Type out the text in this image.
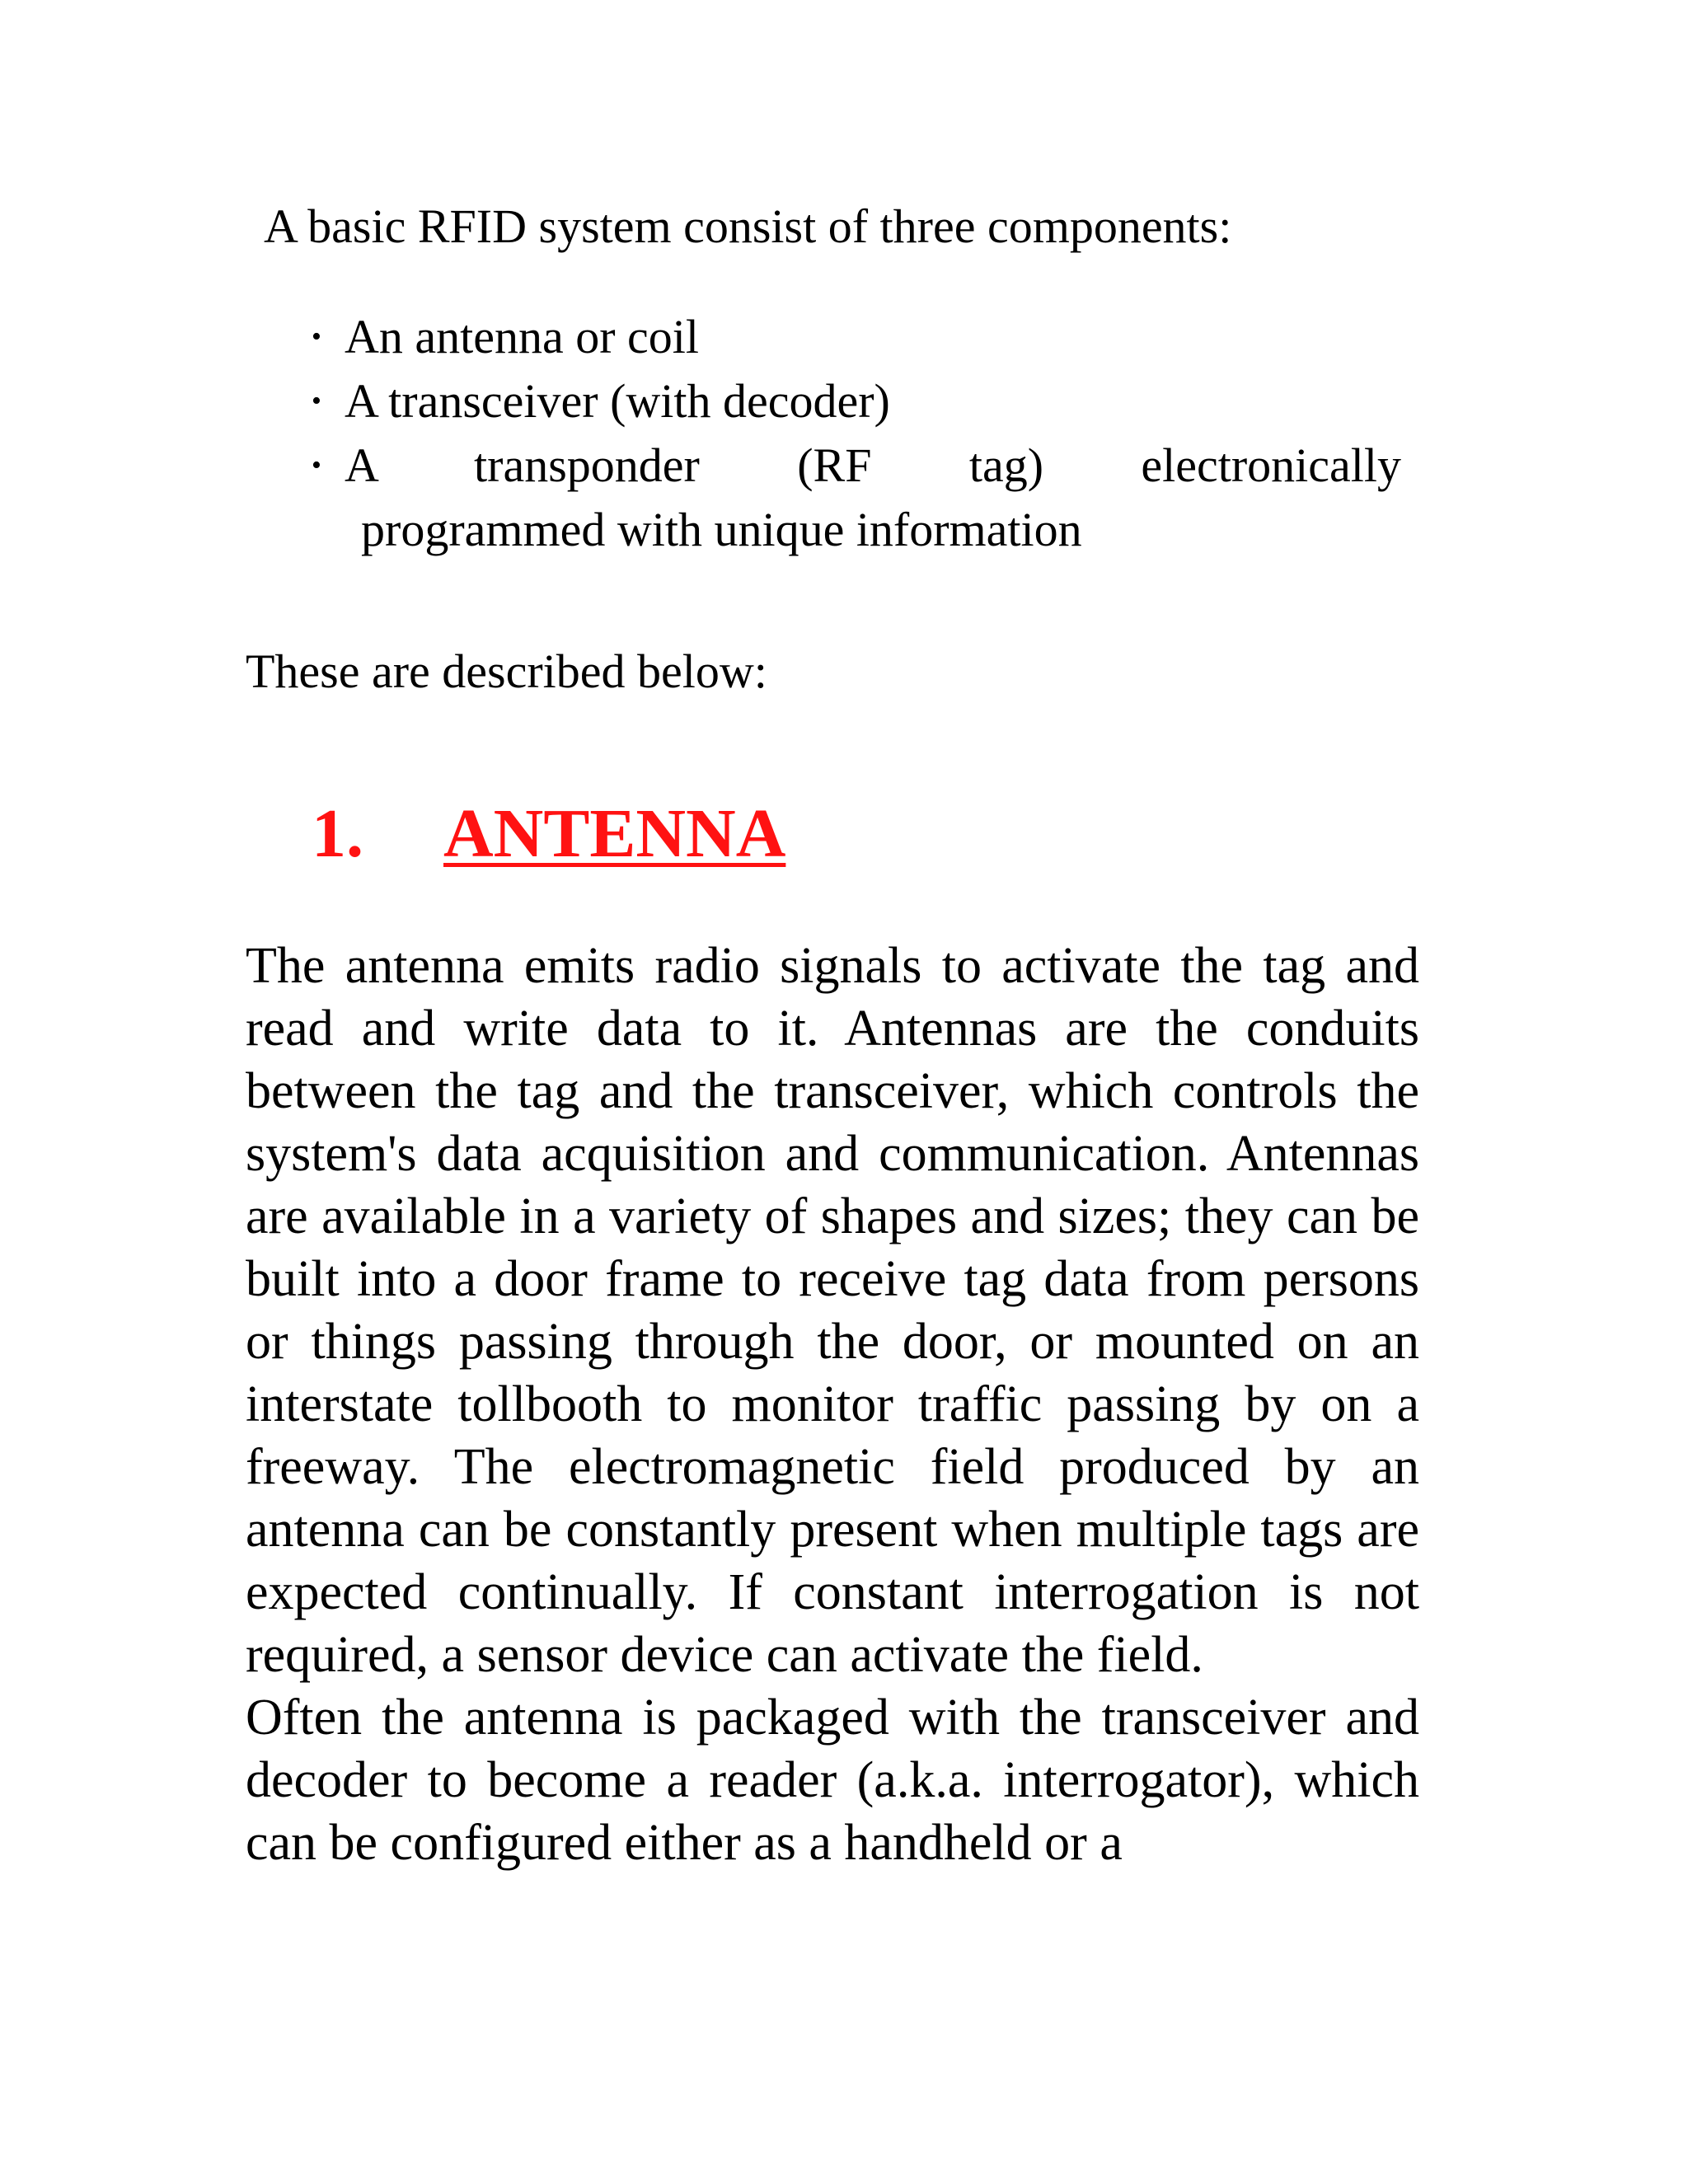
A basic RFID system consist of three components:

• An antenna or coil
• A transceiver (with decoder)
• A transponder (RF tag) electronically
programmed with unique information

These are described below:

1. ANTENNA

The antenna emits radio signals to activate the tag and read and write data to it. Antennas are the conduits between the tag and the transceiver, which controls the system's data acquisition and communication. Antennas are available in a variety of shapes and sizes; they can be built into a door frame to receive tag data from persons or things passing through the door, or mounted on an interstate tollbooth to monitor traffic passing by on a freeway. The electromagnetic field produced by an antenna can be constantly present when multiple tags are expected continually. If constant interrogation is not required, a sensor device can activate the field.

Often the antenna is packaged with the transceiver and decoder to become a reader (a.k.a. interrogator), which can be configured either as a handheld or a
